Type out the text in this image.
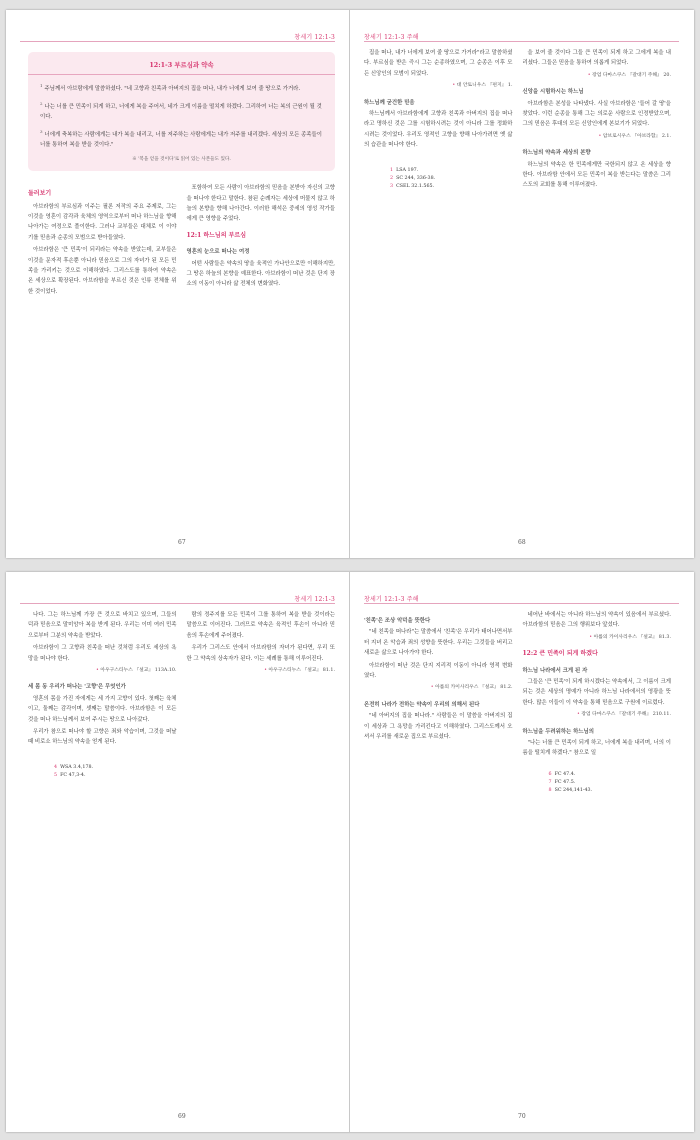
창세기 12:1-3
12:1-3 부르심과 약속

$^1$주님께서 아브람에게 말씀하셨다. "네 고향과 친족과 아버지의 집을 떠나, 내가 너에게 보여 줄 땅으로 가거라.

$^2$나는 너를 큰 민족이 되게 하고, 너에게 복을 주어서, 네가 크게 이름을 떨치게 하겠다. 그리하여 너는 복의 근원이 될 것이다.

$^3$너에게 축복하는 사람에게는 내가 복을 내리고, 너를 저주하는 사람에게는 내가 저주를 내리겠다. 세상의 모든 종족들이 너를 통하여 복을 받을 것이다."

※ '복을 얻을 것이다'로 읽어 있는 사본들도 있다.
둘러보기

아브라함의 부르심과 이주는 필론 저작의 주요 주제로, 그는 이것을 영혼이 감각과 육체의 영역으로부터 떠나 하느님을 향해 나아가는 여정으로 풀이한다. 그러나 교부들은 대체로 이 이야기를 믿음과 순종의 모범으로 받아들였다.

아브라함은 '큰 민족'이 되리라는 약속을 받았는데, 교부들은 이것을 문자적 후손뿐 아니라 믿음으로 그의 자녀가 된 모든 민족을 가리키는 것으로 이해하였다. 그리스도를 통하여 약속은 온 세상으로 확장된다. 아브라함을 부르신 것은 인류 전체를 위한 것이었다.

포함하여 모든 사람이 아브라함의 믿음을 본받아 자신의 고향을 떠나야 한다고 말한다. 참된 순례자는 세상에 머물지 않고 하늘의 본향을 향해 나아간다. 이러한 해석은 중세의 영성 작가들에게 큰 영향을 주었다.

12:1 하느님의 부르심
영혼의 눈으로 떠나는 여정

어떤 사람들은 약속의 땅을 육적인 가나안으로만 이해하지만, 그 땅은 하늘의 본향을 예표한다. 아브라함이 떠난 것은 단지 장소의 이동이 아니라 삶 전체의 변화였다.

67
창세기 12:1-3 주해

집을 떠나, 내가 너에게 보여 줄 땅으로 가거라"라고 말씀하셨다. 부르심을 받은 즉시 그는 순종하였으며, 그 순종은 이후 모든 신앙인의 모범이 되었다.

• 대 안토니우스 『편지』 1.
하느님께 굳건한 믿음

하느님께서 아브라함에게 고향과 친족과 아버지의 집을 떠나라고 명하신 것은 그를 시험하시려는 것이 아니라 그를 정화하시려는 것이었다. 우리도 영적인 고향을 향해 나아가려면 옛 삶의 습관을 떠나야 한다.

1 LSA 197.
2 SC 244, 336-38.
3 CSEL 32.1.565.

을 보여 줄 것이다 그들 큰 민족이 되게 하고 그에게 복을 내리셨다. 그들은 믿음을 통하여 의롭게 되었다.

• 장엄 다마스쿠스 『갈대기 주해』 20.
신앙을 시험하시는 하느님

아브라함은 본성을 나타냈다. 사실 아브라함은 '들어 갈 땅'을 찾았다. 이런 순종을 통해 그는 의로운 사람으로 인정받았으며, 그의 믿음은 후대의 모든 신앙인에게 본보기가 되었다.

• 암브로시우스 『아브라함』 2.1.
하느님의 약속과 세상의 본향

하느님의 약속은 한 민족에게만 국한되지 않고 온 세상을 향한다. 아브라함 안에서 모든 민족이 복을 받는다는 말씀은 그리스도의 교회를 통해 이루어졌다.

68
창세기 12:1-3

나다. 그는 하느님께 가장 큰 것으로 바치고 있으며, 그들의 덕과 믿음으로 말미암아 복을 받게 된다. 우리는 이미 여러 민족으로부터 그분의 약속을 받았다.

아브라함이 그 고향과 친족을 떠난 것처럼 우리도 세상의 욕망을 떠나야 한다.

• 아우구스티누스 『설교』 113A.10.
세 몸 동 우리가 떠나는 '고향'은 무엇인가

영혼의 몸을 가진 자에게는 세 가지 고향이 있다. 첫째는 육체이고, 둘째는 감각이며, 셋째는 말씀이다. 아브라함은 이 모든 것을 떠나 하느님께서 보여 주시는 땅으로 나아갔다.

우리가 참으로 떠나야 할 고향은 죄와 악습이며, 그것을 떠날 때 비로소 하느님의 약속을 얻게 된다.

4 WSA 3.4,178.
5 FC 47,3-4.

람의 정주지를 모든 민족이 그를 통하여 복을 받을 것이라는 말씀으로 이어진다. 그러므로 약속은 육적인 후손이 아니라 믿음의 후손에게 주어졌다.

우리가 그리스도 안에서 아브라함의 자녀가 된다면, 우리 또한 그 약속의 상속자가 된다. 이는 세례를 통해 이루어진다.

• 아우구스티누스 『설교』 81.1.
69
창세기 12:1-3 주해
'친족'은 조상 악덕을 뜻한다

"네 친족을 떠나라"는 말씀에서 '친족'은 우리가 태어나면서부터 지녀 온 악습과 죄의 성향을 뜻한다. 우리는 그것들을 버리고 새로운 삶으로 나아가야 한다.

아브라함이 떠난 것은 단지 지리적 이동이 아니라 영적 변화였다.

• 아를의 카이사리우스 『설교』 81.2.
온전히 나라가 전하는 약속이 우리의 의해서 된다

"네 아버지의 집을 떠나라." 사람들은 이 말씀을 아버지의 집이 세상과 그 욕망을 가리킨다고 이해하였다. 그리스도께서 오셔서 우리를 새로운 집으로 부르셨다.

네어난 바에서는 아니라 하느님의 약속이 있음에서 부르셨다. 아브라함의 믿음은 그의 행위보다 앞섰다.

• 아를의 카이사리우스 『설교』 81.3.
12:2 큰 민족이 되게 하겠다
하느님 나라에서 크게 된 자

그들은 '큰 민족'이 되게 하시겠다는 약속에서, 그 이름이 크게 되는 것은 세상의 명예가 아니라 하느님 나라에서의 영광을 뜻한다. 많은 이들이 이 약속을 통해 믿음으로 구원에 이르렀다.

• 장엄 다마스쿠스 『갈대기 주해』 210.11.
하느님을 두려워하는 하느님의

"나는 너를 큰 민족이 되게 하고, 너에게 복을 내리며, 너의 이름을 떨치게 하겠다." 참으로 일

6 FC 47.4.
7 FC 47.5.
8 SC 244,141-43.
70
